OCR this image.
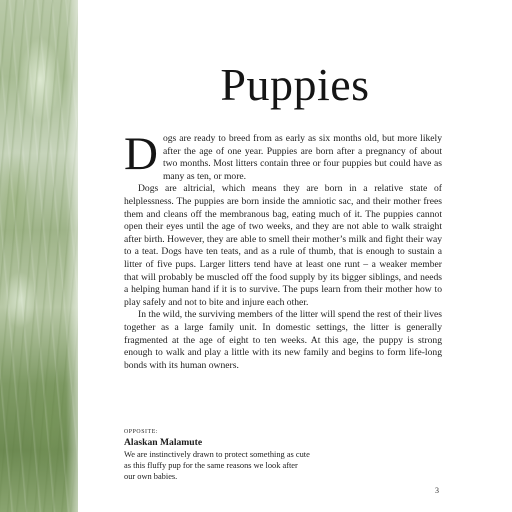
Puppies

Dogs are ready to breed from as early as six months old, but more likely after the age of one year. Puppies are born after a pregnancy of about two months. Most litters contain three or four puppies but could have as many as ten, or more.

Dogs are altricial, which means they are born in a relative state of helplessness. The puppies are born inside the amniotic sac, and their mother frees them and cleans off the membranous bag, eating much of it. The puppies cannot open their eyes until the age of two weeks, and they are not able to walk straight after birth. However, they are able to smell their mother’s milk and fight their way to a teat. Dogs have ten teats, and as a rule of thumb, that is enough to sustain a litter of five pups. Larger litters tend have at least one runt – a weaker member that will probably be muscled off the food supply by its bigger siblings, and needs a helping human hand if it is to survive. The pups learn from their mother how to play safely and not to bite and injure each other.

In the wild, the surviving members of the litter will spend the rest of their lives together as a large family unit. In domestic settings, the litter is generally fragmented at the age of eight to ten weeks. At this age, the puppy is strong enough to walk and play a little with its new family and begins to form life-long bonds with its human owners.

OPPOSITE:
Alaskan Malamute
We are instinctively drawn to protect something as cute
as this fluffy pup for the same reasons we look after
our own babies.
3
